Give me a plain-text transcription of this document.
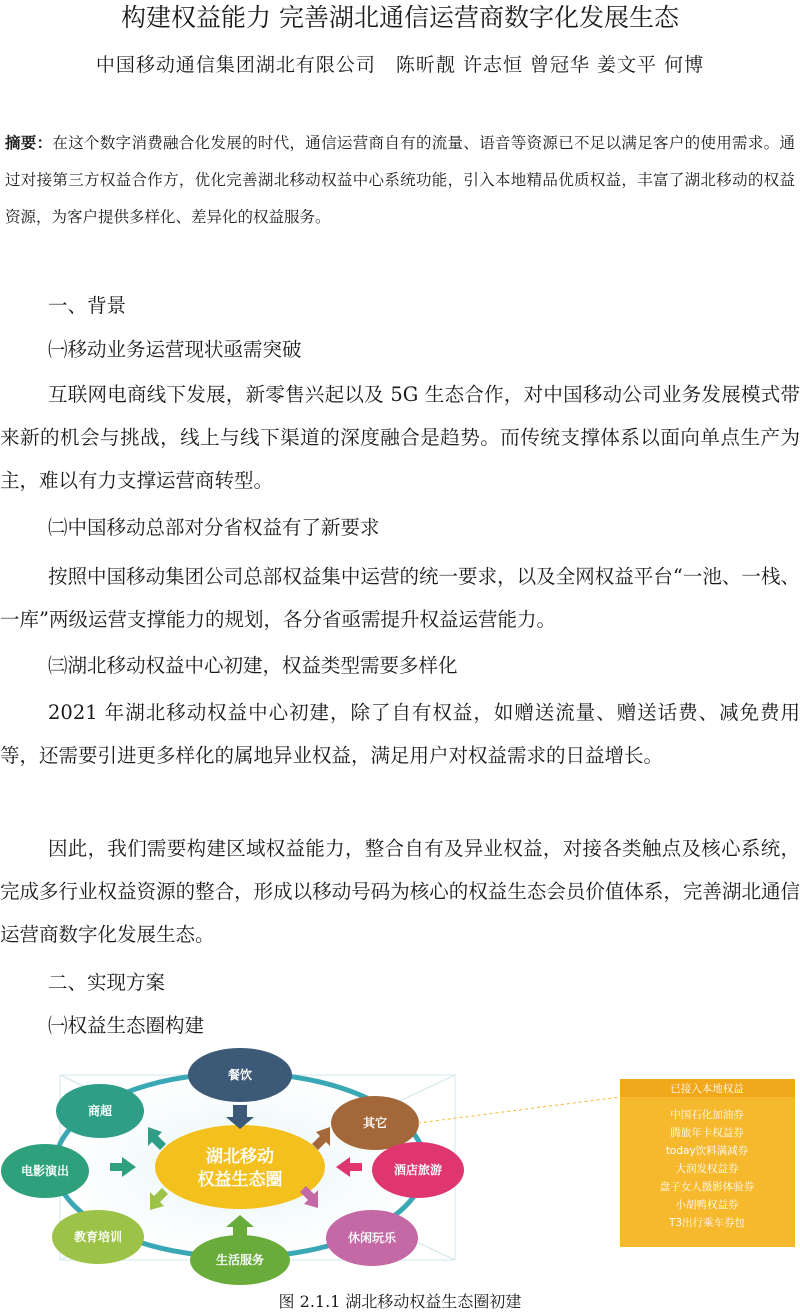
构建权益能力 完善湖北通信运营商数字化发展生态
中国移动通信集团湖北有限公司　陈昕靓 许志恒 曾冠华 姜文平 何博
摘要：在这个数字消费融合化发展的时代，通信运营商自有的流量、语音等资源已不足以满足客户的使用需求。通过对接第三方权益合作方，优化完善湖北移动权益中心系统功能，引入本地精品优质权益，丰富了湖北移动的权益资源，为客户提供多样化、差异化的权益服务。
一、背景
㈠移动业务运营现状亟需突破
互联网电商线下发展，新零售兴起以及 5G 生态合作，对中国移动公司业务发展模式带来新的机会与挑战，线上与线下渠道的深度融合是趋势。而传统支撑体系以面向单点生产为主，难以有力支撑运营商转型。
㈡中国移动总部对分省权益有了新要求
按照中国移动集团公司总部权益集中运营的统一要求，以及全网权益平台“一池、一栈、一库”两级运营支撑能力的规划，各分省亟需提升权益运营能力。
㈢湖北移动权益中心初建，权益类型需要多样化
2021 年湖北移动权益中心初建，除了自有权益，如赠送流量、赠送话费、减免费用等，还需要引进更多样化的属地异业权益，满足用户对权益需求的日益增长。
因此，我们需要构建区域权益能力，整合自有及异业权益，对接各类触点及核心系统，完成多行业权益资源的整合，形成以移动号码为核心的权益生态会员价值体系，完善湖北通信运营商数字化发展生态。
二、实现方案
㈠权益生态圈构建
湖北移动
权益生态圈
餐饮
其它
酒店旅游
休闲玩乐
生活服务
教育培训
电影演出
商超
已接入本地权益
中国石化加油券
腾旅年卡权益券
today饮料满减券
大润发权益券
盘子女人摄影体验券
小胡鸭权益券
T3出行乘车券包
图 2.1.1 湖北移动权益生态圈初建
